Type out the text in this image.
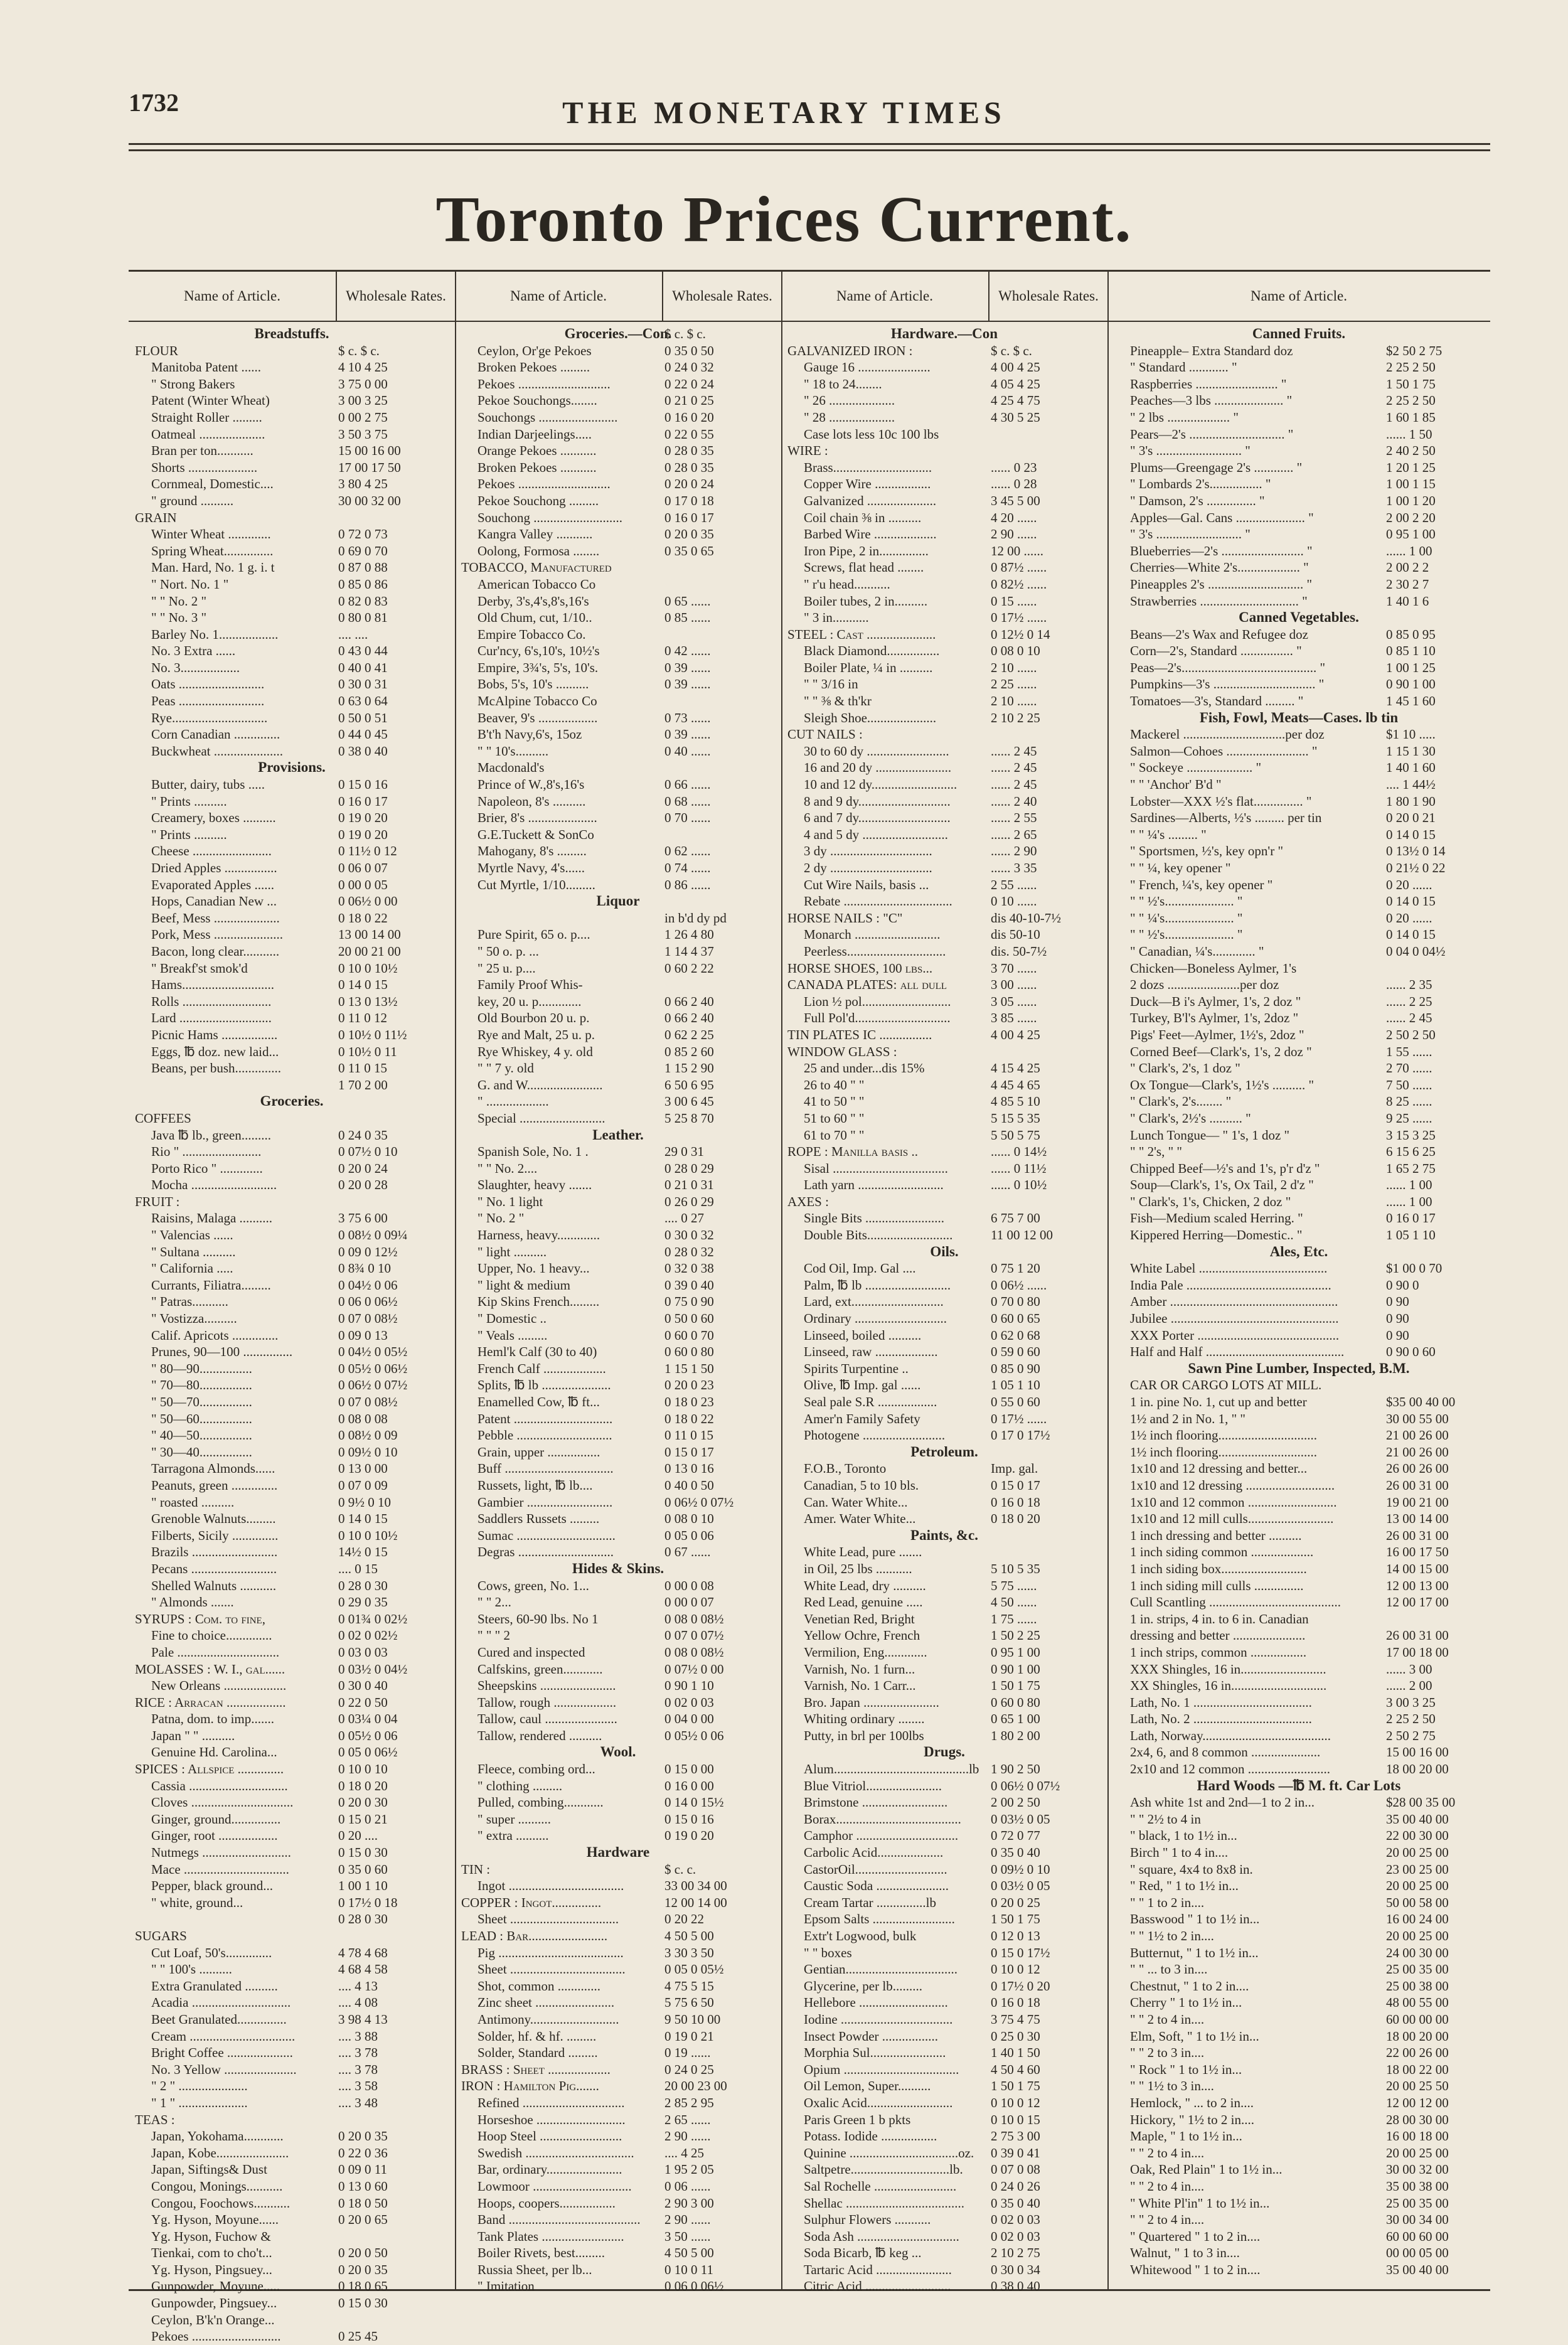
1732	THE MONETARY TIMES
Toronto Prices Current.
Name of Article.	Wholesale Rates.
Breadstuffs.
FLOUR	$ c. $ c.
Manitoba Patent ......	4 10 4 25
" Strong Bakers	3 75 0 00
Patent (Winter Wheat)	3 00 3 25
Straight Roller .........	0 00 2 75
Oatmeal ....................	3 50 3 75
Bran per ton...........	15 00 16 00
Shorts .....................	17 00 17 50
Cornmeal, Domestic....	3 80 4 25
" ground ..........	30 00 32 00
GRAIN
Winter Wheat .............	0 72 0 73
Spring Wheat...............	0 69 0 70
Man. Hard, No. 1 g. i. t	0 87 0 88
" Nort. No. 1 "	0 85 0 86
" " No. 2 "	0 82 0 83
" " No. 3 "	0 80 0 81
Barley No. 1..................	.... ....
No. 3 Extra ......	0 43 0 44
No. 3..................	0 40 0 41
Oats ..........................	0 30 0 31
Peas ..........................	0 63 0 64
Rye.............................	0 50 0 51
Corn Canadian ..............	0 44 0 45
Buckwheat .....................	0 38 0 40
Provisions.
Butter, dairy, tubs .....	0 15 0 16
" Prints ..........	0 16 0 17
Creamery, boxes ..........	0 19 0 20
" Prints ..........	0 19 0 20
Cheese ........................	0 11½ 0 12
Dried Apples ................	0 06 0 07
Evaporated Apples ......	0 00 0 05
Hops, Canadian New ...	0 06½ 0 00
Beef, Mess ....................	0 18 0 22
Pork, Mess .....................	13 00 14 00
Bacon, long clear...........	20 00 21 00
" Breakf'st smok'd	0 10 0 10½
Hams............................	0 14 0 15
Rolls ...........................	0 13 0 13½
Lard ............................	0 11 0 12
Picnic Hams .................	0 10½ 0 11½
Eggs, ℔ doz. new laid...	0 10½ 0 11
Beans, per bush..............	0 11 0 15
1 70 2 00
Groceries.
COFFEES
Java ℔ lb., green.........	0 24 0 35
Rio " ........................	0 07½ 0 10
Porto Rico " .............	0 20 0 24
Mocha ..........................	0 20 0 28
FRUIT :
Raisins, Malaga ..........	3 75 6 00
" Valencias ......	0 08½ 0 09¼
" Sultana ..........	0 09 0 12½
" California .....	0 8¾ 0 10
Currants, Filiatra.........	0 04½ 0 06
" Patras...........	0 06 0 06½
" Vostizza..........	0 07 0 08½
Calif. Apricots ..............	0 09 0 13
Prunes, 90—100 ...............	0 04½ 0 05½
" 80—90................	0 05½ 0 06½
" 70—80................	0 06½ 0 07½
" 50—70................	0 07 0 08½
" 50—60................	0 08 0 08
" 40—50................	0 08½ 0 09
" 30—40................	0 09½ 0 10
Tarragona Almonds......	0 13 0 00
Peanuts, green ..............	0 07 0 09
" roasted ..........	0 9½ 0 10
Grenoble Walnuts.........	0 14 0 15
Filberts, Sicily ..............	0 10 0 10½
Brazils ..........................	14½ 0 15
Pecans ..........................	.... 0 15
Shelled Walnuts ...........	0 28 0 30
" Almonds .......	0 29 0 35
SYRUPS : Com. to fine,	0 01¾ 0 02½
Fine to choice..............	0 02 0 02½
Pale ...............................	0 03 0 03
MOLASSES : W. I., gal......	0 03½ 0 04½
New Orleans ...................	0 30 0 40
RICE : Arracan ..................	0 22 0 50
Patna, dom. to imp.......	0 03¼ 0 04
Japan " " ..........	0 05½ 0 06
Genuine Hd. Carolina...	0 05 0 06½
SPICES : Allspice ..............	0 10 0 10
Cassia ..............................	0 18 0 20
Cloves ...............................	0 20 0 30
Ginger, ground...............	0 15 0 21
Ginger, root ..................	0 20 ....
Nutmegs ...........................	0 15 0 30
Mace ................................	0 35 0 60
Pepper, black ground...	1 00 1 10
" white, ground...	0 17½ 0 18
0 28 0 30
SUGARS
Cut Loaf, 50's..............	4 78 4 68
" " 100's ..........	4 68 4 58
Extra Granulated ..........	.... 4 13
Acadia ..............................	.... 4 08
Beet Granulated...............	3 98 4 13
Cream ................................	.... 3 88
Bright Coffee ....................	.... 3 78
No. 3 Yellow ......................	.... 3 78
" 2 " .....................	.... 3 58
" 1 " .....................	.... 3 48
TEAS :
Japan, Yokohama............	0 20 0 35
Japan, Kobe......................	0 22 0 36
Japan, Siftings& Dust	0 09 0 11
Congou, Monings...........	0 13 0 60
Congou, Foochows...........	0 18 0 50
Yg. Hyson, Moyune......	0 20 0 65
Yg. Hyson, Fuchow &
Tienkai, com to cho't...	0 20 0 50
Yg. Hyson, Pingsuey...	0 20 0 35
Gunpowder, Moyune.....	0 18 0 65
Gunpowder, Pingsuey...	0 15 0 30
Ceylon, B'k'n Orange...
Pekoes ...........................	0 25 45
Name of Article.	Wholesale Rates.
Groceries.—Con.
$ c. $ c.
Ceylon, Or'ge Pekoes	0 35 0 50
Broken Pekoes .........	0 24 0 32
Pekoes ............................	0 22 0 24
Pekoe Souchongs........	0 21 0 25
Souchongs ........................	0 16 0 20
Indian Darjeelings.....	0 22 0 55
Orange Pekoes ...........	0 28 0 35
Broken Pekoes ...........	0 28 0 35
Pekoes ............................	0 20 0 24
Pekoe Souchong .........	0 17 0 18
Souchong ...........................	0 16 0 17
Kangra Valley ...........	0 20 0 35
Oolong, Formosa ........	0 35 0 65
TOBACCO, Manufactured
American Tobacco Co
Derby, 3's,4's,8's,16's	0 65 ......
Old Chum, cut, 1/10..	0 85 ......
Empire Tobacco Co.
Cur'ncy, 6's,10's, 10½'s	0 42 ......
Empire, 3¾'s, 5's, 10's.	0 39 ......
Bobs, 5's, 10's ..........	0 39 ......
McAlpine Tobacco Co
Beaver, 9's ..................	0 73 ......
B't'h Navy,6's, 15oz	0 39 ......
" " 10's..........	0 40 ......
Macdonald's
Prince of W.,8's,16's	0 66 ......
Napoleon, 8's ..........	0 68 ......
Brier, 8's .....................	0 70 ......
G.E.Tuckett & SonCo
Mahogany, 8's .........	0 62 ......
Myrtle Navy, 4's......	0 74 ......
Cut Myrtle, 1/10.........	0 86 ......
Liquor
in b'd dy pd
Pure Spirit, 65 o. p....	1 26 4 80
" 50 o. p. ...	1 14 4 37
" 25 u. p....	0 60 2 22
Family Proof Whis-
key, 20 u. p.............	0 66 2 40
Old Bourbon 20 u. p.	0 66 2 40
Rye and Malt, 25 u. p.	0 62 2 25
Rye Whiskey, 4 y. old	0 85 2 60
" " 7 y. old	1 15 2 90
G. and W.......................	6 50 6 95
" ...................	3 00 6 45
Special ..........................	5 25 8 70
Leather.
Spanish Sole, No. 1 .	29 0 31
" " No. 2....	0 28 0 29
Slaughter, heavy .......	0 21 0 31
" No. 1 light	0 26 0 29
" No. 2 "	.... 0 27
Harness, heavy.............	0 30 0 32
" light ..........	0 28 0 32
Upper, No. 1 heavy...	0 32 0 38
" light & medium	0 39 0 40
Kip Skins French.........	0 75 0 90
" Domestic ..	0 50 0 60
" Veals .........	0 60 0 70
Heml'k Calf (30 to 40)	0 60 0 80
French Calf ...................	1 15 1 50
Splits, ℔ lb .....................	0 20 0 23
Enamelled Cow, ℔ ft...	0 18 0 23
Patent ..............................	0 18 0 22
Pebble .............................	0 11 0 15
Grain, upper ................	0 15 0 17
Buff .................................	0 13 0 16
Russets, light, ℔ lb....	0 40 0 50
Gambier ..........................	0 06½ 0 07½
Saddlers Russets .........	0 08 0 10
Sumac ..............................	0 05 0 06
Degras .............................	0 67 ......
Hides & Skins.
Cows, green, No. 1...	0 00 0 08
" " 2...	0 00 0 07
Steers, 60-90 lbs. No 1	0 08 0 08½
" " " 2	0 07 0 07½
Cured and inspected	0 08 0 08½
Calfskins, green............	0 07½ 0 00
Sheepskins .......................	0 90 1 10
Tallow, rough ...................	0 02 0 03
Tallow, caul ......................	0 04 0 00
Tallow, rendered ..........	0 05½ 0 06
Wool.
Fleece, combing ord...	0 15 0 00
" clothing .........	0 16 0 00
Pulled, combing............	0 14 0 15½
" super ..........	0 15 0 16
" extra ..........	0 19 0 20
Hardware
TIN :	$ c. c.
Ingot ...................................	33 00 34 00
COPPER : Ingot...............	12 00 14 00
Sheet .................................	0 20 22
LEAD : Bar........................	4 50 5 00
Pig ......................................	3 30 3 50
Sheet ...................................	0 05 0 05½
Shot, common .............	4 75 5 15
Zinc sheet ........................	5 75 6 50
Antimony...........................	9 50 10 00
Solder, hf. & hf. .........	0 19 0 21
Solder, Standard .........	0 19 ......
BRASS : Sheet ...................	0 24 0 25
IRON : Hamilton Pig.......	20 00 23 00
Refined ...............................	2 85 2 95
Horseshoe ...........................	2 65 ......
Hoop Steel .........................	2 90 ......
Swedish .................................	.... 4 25
Bar, ordinary.......................	1 95 2 05
Lowmoor ..............................	0 06 ......
Hoops, coopers.................	2 90 3 00
Band ........................................	2 90 ......
Tank Plates .........................	3 50 ......
Boiler Rivets, best.........	4 50 5 00
Russia Sheet, per lb...	0 10 0 11
" Imitation	0 06 0 06½
Name of Article.	Wholesale Rates.
Hardware.—Con
GALVANIZED IRON :	$ c. $ c.
Gauge 16 ......................	4 00 4 25
" 18 to 24........	4 05 4 25
" 26 ....................	4 25 4 75
" 28 ....................	4 30 5 25
Case lots less 10c 100 lbs
WIRE :
Brass..............................	...... 0 23
Copper Wire .................	...... 0 28
Galvanized .....................	3 45 5 00
Coil chain ⅜ in ..........	4 20 ......
Barbed Wire ...................	2 90 ......
Iron Pipe, 2 in...............	12 00 ......
Screws, flat head ........	0 87½ ......
" r'u head...........	0 82½ ......
Boiler tubes, 2 in..........	0 15 ......
" 3 in...........	0 17½ ......
STEEL : Cast .....................	0 12½ 0 14
Black Diamond................	0 08 0 10
Boiler Plate, ¼ in ..........	2 10 ......
" " 3/16 in	2 25 ......
" " ⅜ & th'kr	2 10 ......
Sleigh Shoe.....................	2 10 2 25
CUT NAILS :
30 to 60 dy .........................	...... 2 45
16 and 20 dy .......................	...... 2 45
10 and 12 dy..........................	...... 2 45
8 and 9 dy............................	...... 2 40
6 and 7 dy............................	...... 2 55
4 and 5 dy ..........................	...... 2 65
3 dy ...............................	...... 2 90
2 dy ...............................	...... 3 35
Cut Wire Nails, basis ...	2 55 ......
Rebate .................................	0 10 ......
HORSE NAILS : "C"	dis 40-10-7½
Monarch ..........................	dis 50-10
Peerless..............................	dis. 50-7½
HORSE SHOES, 100 lbs...	3 70 ......
CANADA PLATES: all dull	3 00 ......
Lion ½ pol...........................	3 05 ......
Full Pol'd.............................	3 85 ......
TIN PLATES IC ................	4 00 4 25
WINDOW GLASS :
25 and under...dis 15%	4 15 4 25
26 to 40 " "	4 45 4 65
41 to 50 " "	4 85 5 10
51 to 60 " "	5 15 5 35
61 to 70 " "	5 50 5 75
ROPE : Manilla basis ..	...... 0 14½
Sisal ...................................	...... 0 11½
Lath yarn ..........................	...... 0 10½
AXES :
Single Bits ........................	6 75 7 00
Double Bits..........................	11 00 12 00
Oils.
Cod Oil, Imp. Gal ....	0 75 1 20
Palm, ℔ lb ..........................	0 06½ ......
Lard, ext............................	0 70 0 80
Ordinary ............................	0 60 0 65
Linseed, boiled ..........	0 62 0 68
Linseed, raw ...................	0 59 0 60
Spirits Turpentine ..	0 85 0 90
Olive, ℔ Imp. gal ......	1 05 1 10
Seal pale S.R ..................	0 55 0 60
Amer'n Family Safety	0 17½ ......
Photogene .........................	0 17 0 17½
Petroleum.
F.O.B., Toronto	Imp. gal.
Canadian, 5 to 10 bls.	0 15 0 17
Can. Water White...	0 16 0 18
Amer. Water White...	0 18 0 20
Paints, &c.
White Lead, pure .......
in Oil, 25 lbs ...........	5 10 5 35
White Lead, dry ..........	5 75 ......
Red Lead, genuine .....	4 50 ......
Venetian Red, Bright	1 75 ......
Yellow Ochre, French	1 50 2 25
Vermilion, Eng.............	0 95 1 00
Varnish, No. 1 furn...	0 90 1 00
Varnish, No. 1 Carr...	1 50 1 75
Bro. Japan .......................	0 60 0 80
Whiting ordinary ........	0 65 1 00
Putty, in brl per 100lbs	1 80 2 00
Drugs.
Alum.........................................lb 1 90 2 50
Blue Vitriol.......................	0 06½ 0 07½
Brimstone ..........................	2 00 2 50
Borax......................................	0 03½ 0 05
Camphor ...............................	0 72 0 77
Carbolic Acid....................	0 35 0 40
CastorOil............................	0 09½ 0 10
Caustic Soda ......................	0 03½ 0 05
Cream Tartar ...............lb	0 20 0 25
Epsom Salts .........................	1 50 1 75
Extr't Logwood, bulk	0 12 0 13
" " boxes	0 15 0 17½
Gentian..................................	0 10 0 12
Glycerine, per lb.........	0 17½ 0 20
Hellebore ...........................	0 16 0 18
Iodine ..................................	3 75 4 75
Insect Powder .................	0 25 0 30
Morphia Sul.......................	1 40 1 50
Opium ...................................	4 50 4 60
Oil Lemon, Super..........	1 50 1 75
Oxalic Acid..........................	0 10 0 12
Paris Green 1 b pkts	0 10 0 15
Potass. Iodide .................	2 75 3 00
Quinine .................................oz. 0 39 0 41
Saltpetre..............................lb.	0 07 0 08
Sal Rochelle .........................	0 24 0 26
Shellac ....................................	0 35 0 40
Sulphur Flowers ...........	0 02 0 03
Soda Ash ...............................	0 02 0 03
Soda Bicarb, ℔ keg ...	2 10 2 75
Tartaric Acid .......................	0 30 0 34
Citric Acid ..........................	0 38 0 40
Name of Article.
Canned Fruits.
Pineapple– Extra Standard doz	$2 50 2 75
" Standard ............ "	2 25 2 50
Raspberries ......................... "	1 50 1 75
Peaches—3 lbs ..................... "	2 25 2 50
" 2 lbs ................... "	1 60 1 85
Pears—2's ............................. "	...... 1 50
" 3's .......................... "	2 40 2 50
Plums—Greengage 2's ............ "	1 20 1 25
" Lombards 2's................ "	1 00 1 15
" Damson, 2's ............... "	1 00 1 20
Apples—Gal. Cans ..................... "	2 00 2 20
" 3's .......................... "	0 95 1 00
Blueberries—2's ......................... "	...... 1 00
Cherries—White 2's................... "	2 00 2 2
Pineapples 2's ............................. "	2 30 2 7
Strawberries .............................. "	1 40 1 6
Canned Vegetables.
Beans—2's Wax and Refugee doz	0 85 0 95
Corn—2's, Standard ................ "	0 85 1 10
Peas—2's......................................... "	1 00 1 25
Pumpkins—3's ............................... "	0 90 1 00
Tomatoes—3's, Standard ......... "	1 45 1 60
Fish, Fowl, Meats—Cases. lb tin
Mackerel ...............................per doz	$1 10 .....
Salmon—Cohoes ......................... "	1 15 1 30
" Sockeye .................... "	1 40 1 60
" " 'Anchor' B'd "	.... 1 44½
Lobster—XXX ½'s flat............... "	1 80 1 90
Sardines—Alberts, ½'s ......... per tin	0 20 0 21
" " ¼'s ......... "	0 14 0 15
" Sportsmen, ½'s, key opn'r "	0 13½ 0 14
" " ¼, key opener "	0 21½ 0 22
" French, ¼'s, key opener "	0 20 ......
" " ½'s..................... "	0 14 0 15
" " ¼'s..................... "	0 20 ......
" " ½'s..................... "	0 14 0 15
" Canadian, ¼'s............. "	0 04 0 04½
Chicken—Boneless Aylmer, 1's
2 dozs ......................per doz	...... 2 35
Duck—B i's Aylmer, 1's, 2 doz "	...... 2 25
Turkey, B'l's Aylmer, 1's, 2doz "	...... 2 45
Pigs' Feet—Aylmer, 1½'s, 2doz "	2 50 2 50
Corned Beef—Clark's, 1's, 2 doz "	1 55 ......
" Clark's, 2's, 1 doz "	2 70 ......
Ox Tongue—Clark's, 1½'s .......... "	7 50 ......
" Clark's, 2's........ "	8 25 ......
" Clark's, 2½'s .......... "	9 25 ......
Lunch Tongue— " 1's, 1 doz "	3 15 3 25
" " 2's, " "	6 15 6 25
Chipped Beef—½'s and 1's, p'r d'z "	1 65 2 75
Soup—Clark's, 1's, Ox Tail, 2 d'z "	...... 1 00
" Clark's, 1's, Chicken, 2 doz "	...... 1 00
Fish—Medium scaled Herring. "	0 16 0 17
Kippered Herring—Domestic.. "	1 05 1 10
Ales, Etc.
White Label .......................................	$1 00 0 70
India Pale ............................................	0 90 0
Amber ...................................................	0 90
Jubilee ...................................................	0 90
XXX Porter ...........................................	0 90
Half and Half ..........................................	0 90 0 60
Sawn Pine Lumber, Inspected, B.M.
CAR OR CARGO LOTS AT MILL.
1 in. pine No. 1, cut up and better	$35 00 40 00
1½ and 2 in No. 1, " "	30 00 55 00
1½ inch flooring..............................	21 00 26 00
1½ inch flooring..............................	21 00 26 00
1x10 and 12 dressing and better...	26 00 26 00
1x10 and 12 dressing ...........................	26 00 31 00
1x10 and 12 common ...........................	19 00 21 00
1x10 and 12 mill culls..........................	13 00 14 00
1 inch dressing and better ..........	26 00 31 00
1 inch siding common ...................	16 00 17 50
1 inch siding box..........................	14 00 15 00
1 inch siding mill culls ...............	12 00 13 00
Cull Scantling ........................................	12 00 17 00
1 in. strips, 4 in. to 6 in. Canadian
dressing and better ......................	26 00 31 00
1 inch strips, common .................	17 00 18 00
XXX Shingles, 16 in..........................	...... 3 00
XX Shingles, 16 in.............................	...... 2 00
Lath, No. 1 ....................................	3 00 3 25
Lath, No. 2 ....................................	2 25 2 50
Lath, Norway.......................................	2 50 2 75
2x4, 6, and 8 common .....................	15 00 16 00
2x10 and 12 common .........................	18 00 20 00
Hard Woods —℔ M. ft. Car Lots
Ash white 1st and 2nd—1 to 2 in...	$28 00 35 00
" " 2½ to 4 in	35 00 40 00
" black, 1 to 1½ in...	22 00 30 00
Birch " 1 to 4 in....	20 00 25 00
" square, 4x4 to 8x8 in.	23 00 25 00
" Red, " 1 to 1½ in...	20 00 25 00
" " 1 to 2 in....	50 00 58 00
Basswood " 1 to 1½ in...	16 00 24 00
" " 1½ to 2 in....	20 00 25 00
Butternut, " 1 to 1½ in...	24 00 30 00
" " ... to 3 in....	25 00 35 00
Chestnut, " 1 to 2 in....	25 00 38 00
Cherry " 1 to 1½ in...	48 00 55 00
" " 2 to 4 in....	60 00 00 00
Elm, Soft, " 1 to 1½ in...	18 00 20 00
" " 2 to 3 in....	22 00 26 00
" Rock " 1 to 1½ in...	18 00 22 00
" " 1½ to 3 in....	20 00 25 50
Hemlock, " ... to 2 in....	12 00 12 00
Hickory, " 1½ to 2 in....	28 00 30 00
Maple, " 1 to 1½ in...	16 00 18 00
" " 2 to 4 in....	20 00 25 00
Oak, Red Plain" 1 to 1½ in...	30 00 32 00
" " 2 to 4 in....	35 00 38 00
" White Pl'in" 1 to 1½ in...	25 00 35 00
" " 2 to 4 in....	30 00 34 00
" Quartered " 1 to 2 in....	60 00 60 00
Walnut, " 1 to 3 in....	00 00 05 00
Whitewood " 1 to 2 in....	35 00 40 00
